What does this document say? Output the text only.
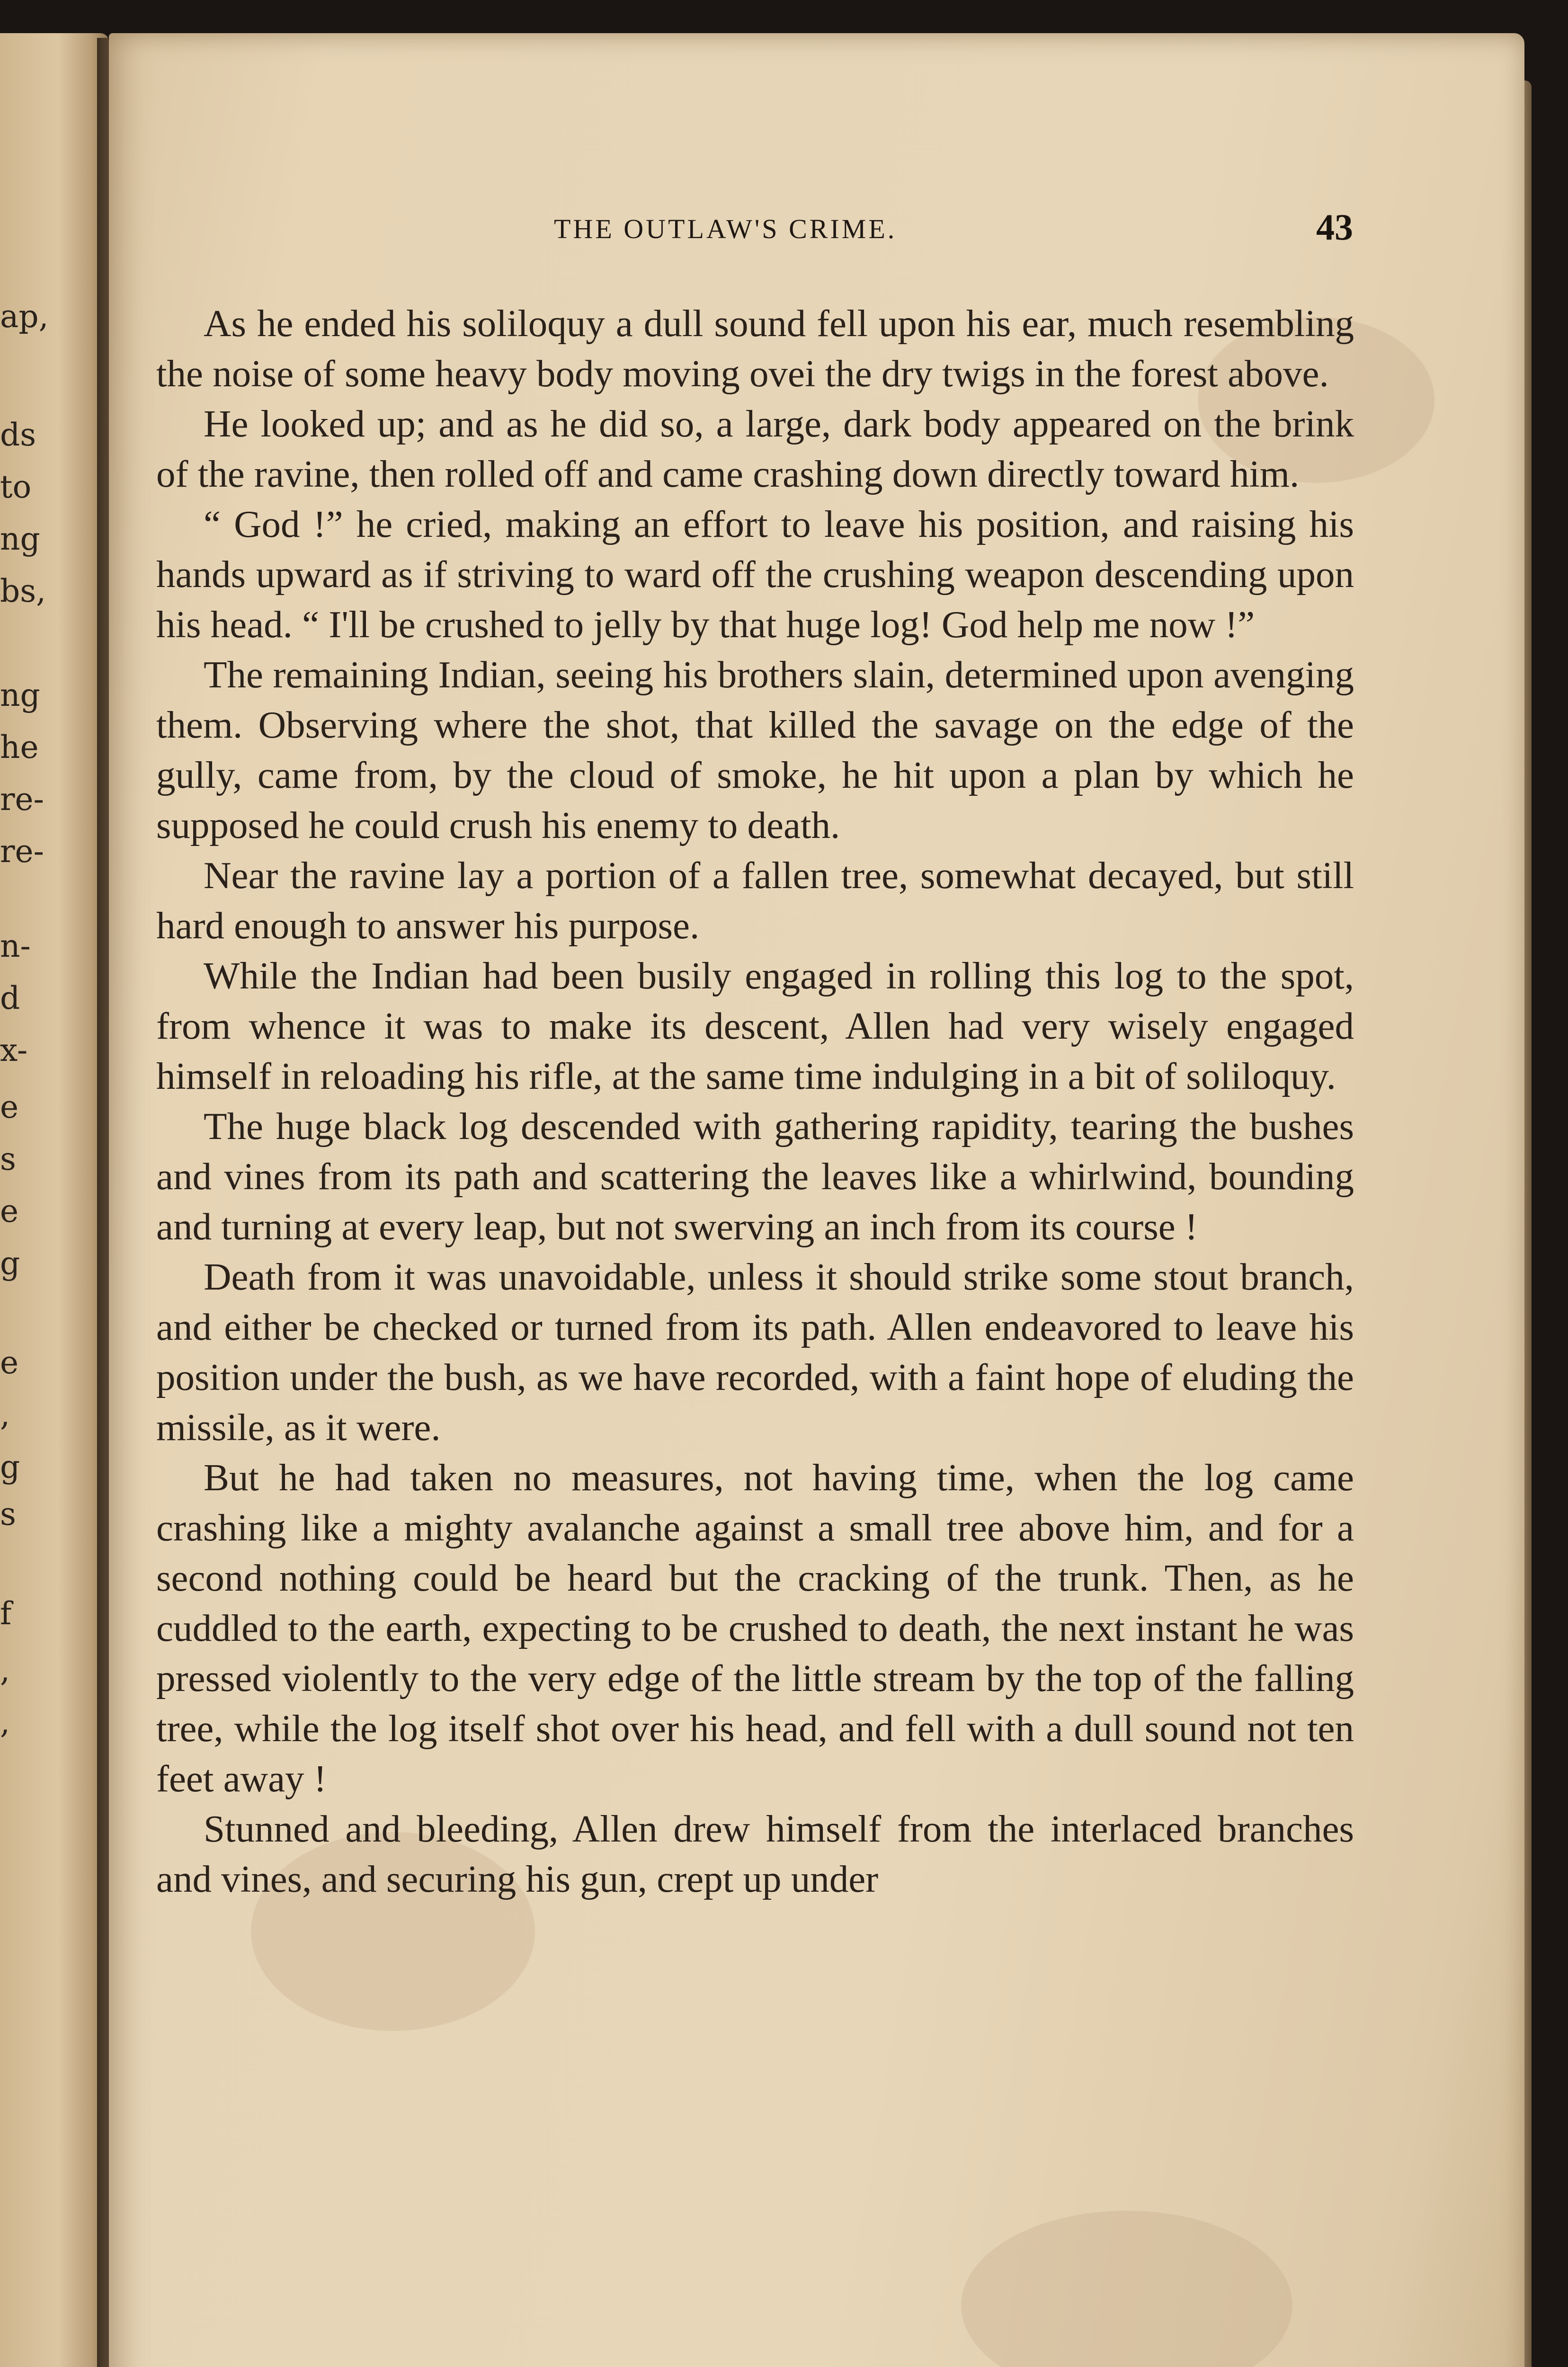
ap,
ds
to
ng
bs,
ng
he
re-
re-
n-
d
x-
e
s
e
g
e
,
g
s
f
,
,
THE OUTLAW'S CRIME.	43

As he ended his soliloquy a dull sound fell upon his ear, much resembling the noise of some heavy body moving ovei the dry twigs in the forest above.

He looked up; and as he did so, a large, dark body appeared on the brink of the ravine, then rolled off and came crashing down directly toward him.

“ God !” he cried, making an effort to leave his position, and raising his hands upward as if striving to ward off the crushing weapon descending upon his head. “ I'll be crushed to jelly by that huge log! God help me now !”

The remaining Indian, seeing his brothers slain, determined upon avenging them. Observing where the shot, that killed the savage on the edge of the gully, came from, by the cloud of smoke, he hit upon a plan by which he supposed he could crush his enemy to death.

Near the ravine lay a portion of a fallen tree, somewhat decayed, but still hard enough to answer his purpose.

While the Indian had been busily engaged in rolling this log to the spot, from whence it was to make its descent, Allen had very wisely engaged himself in reloading his rifle, at the same time indulging in a bit of soliloquy.

The huge black log descended with gathering rapidity, tearing the bushes and vines from its path and scattering the leaves like a whirlwind, bounding and turning at every leap, but not swerving an inch from its course !

Death from it was unavoidable, unless it should strike some stout branch, and either be checked or turned from its path. Allen endeavored to leave his position under the bush, as we have recorded, with a faint hope of eluding the missile, as it were.

But he had taken no measures, not having time, when the log came crashing like a mighty avalanche against a small tree above him, and for a second nothing could be heard but the cracking of the trunk. Then, as he cuddled to the earth, expecting to be crushed to death, the next instant he was pressed violently to the very edge of the little stream by the top of the falling tree, while the log itself shot over his head, and fell with a dull sound not ten feet away !

Stunned and bleeding, Allen drew himself from the interlaced branches and vines, and securing his gun, crept up under
